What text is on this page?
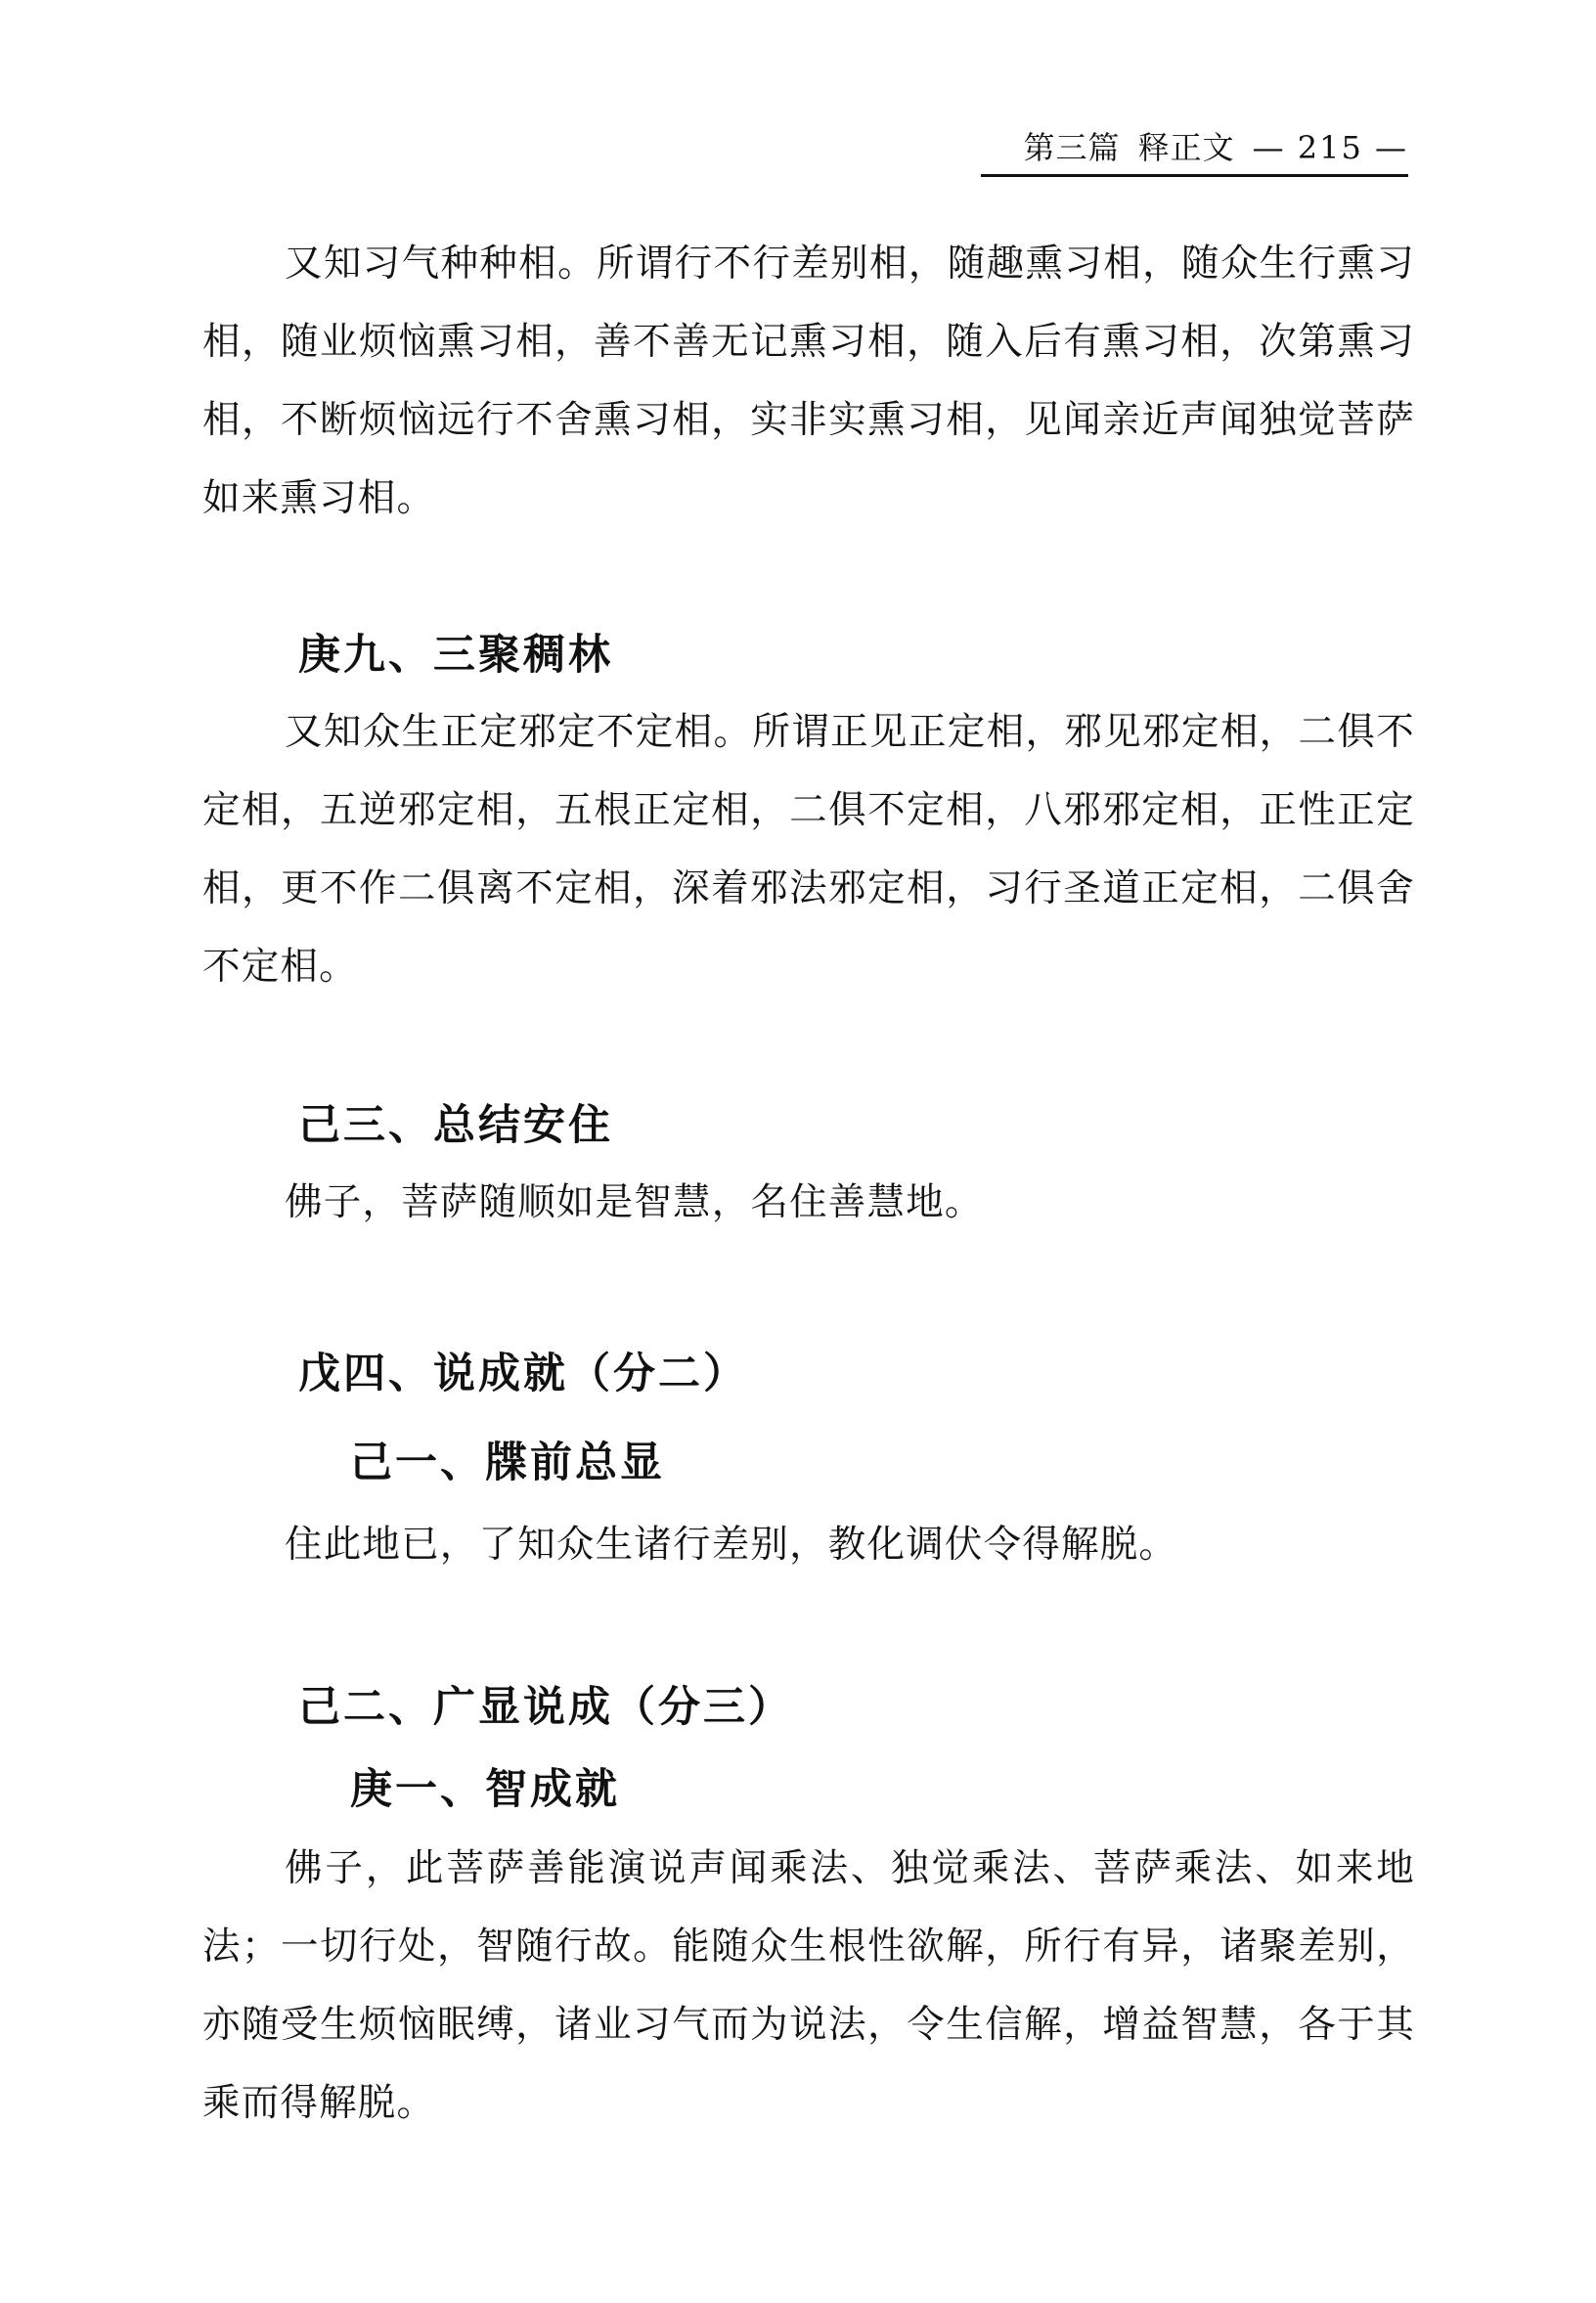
第三篇 释正文 — 215 —

又知习气种种相。所谓行不行差别相，随趣熏习相，随众生行熏习相，随业烦恼熏习相，善不善无记熏习相，随入后有熏习相，次第熏习相，不断烦恼远行不舍熏习相，实非实熏习相，见闻亲近声闻独觉菩萨如来熏习相。

庚九、三聚稠林

又知众生正定邪定不定相。所谓正见正定相，邪见邪定相，二俱不定相，五逆邪定相，五根正定相，二俱不定相，八邪邪定相，正性正定相，更不作二俱离不定相，深着邪法邪定相，习行圣道正定相，二俱舍不定相。

己三、总结安住

佛子，菩萨随顺如是智慧，名住善慧地。

戊四、说成就（分二）
己一、牒前总显

住此地已，了知众生诸行差别，教化调伏令得解脱。

己二、广显说成（分三）
庚一、智成就

佛子，此菩萨善能演说声闻乘法、独觉乘法、菩萨乘法、如来地法；一切行处，智随行故。能随众生根性欲解，所行有异，诸聚差别，亦随受生烦恼眠缚，诸业习气而为说法，令生信解，增益智慧，各于其乘而得解脱。
